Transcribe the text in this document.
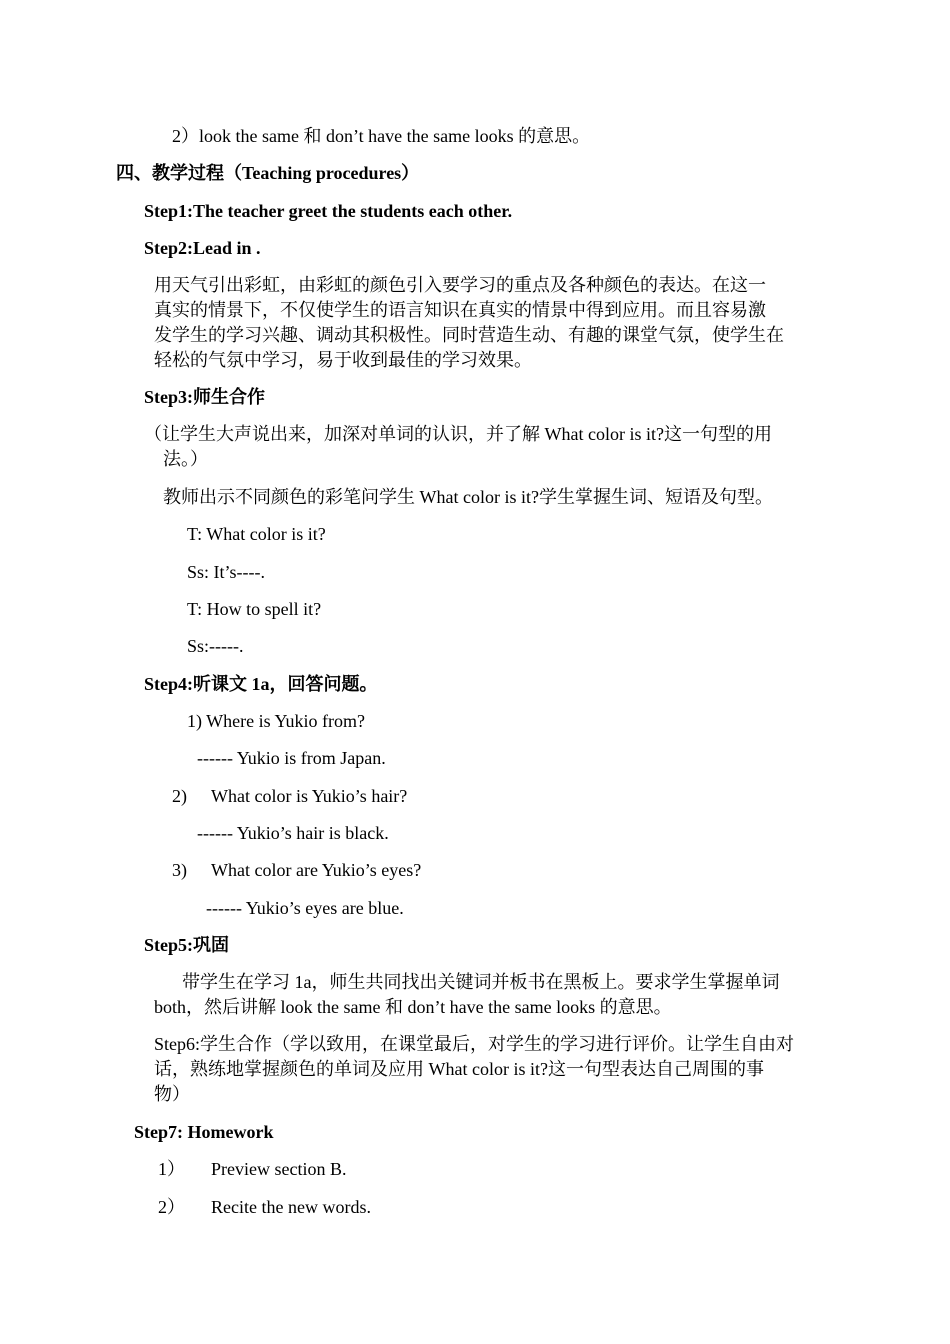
2）look the same 和 don’t have the same looks 的意思。
四、教学过程（Teaching procedures）
Step1:The teacher greet the students each other.
Step2:Lead in .
用天气引出彩虹，由彩虹的颜色引入要学习的重点及各种颜色的表达。在这一
真实的情景下，不仅使学生的语言知识在真实的情景中得到应用。而且容易激
发学生的学习兴趣、调动其积极性。同时营造生动、有趣的课堂气氛，使学生在
轻松的气氛中学习，易于收到最佳的学习效果。
Step3:师生合作
（让学生大声说出来，加深对单词的认识，并了解 What color is it?这一句型的用
法。）
教师出示不同颜色的彩笔问学生 What color is it?学生掌握生词、短语及句型。
T: What color is it?
Ss: It’s----.
T: How to spell it?
Ss:-----.
Step4:听课文 1a，回答问题。
1) Where is Yukio from?
------ Yukio is from Japan.
2) What color is Yukio’s hair?
------ Yukio’s hair is black.
3) What color are Yukio’s eyes?
------ Yukio’s eyes are blue.
Step5:巩固
带学生在学习 1a，师生共同找出关键词并板书在黑板上。要求学生掌握单词
both，然后讲解 look the same 和 don’t have the same looks 的意思。
Step6:学生合作（学以致用，在课堂最后，对学生的学习进行评价。让学生自由对
话，熟练地掌握颜色的单词及应用 What color is it?这一句型表达自己周围的事
物）
Step7: Homework
1） Preview section B.
2） Recite the new words.
